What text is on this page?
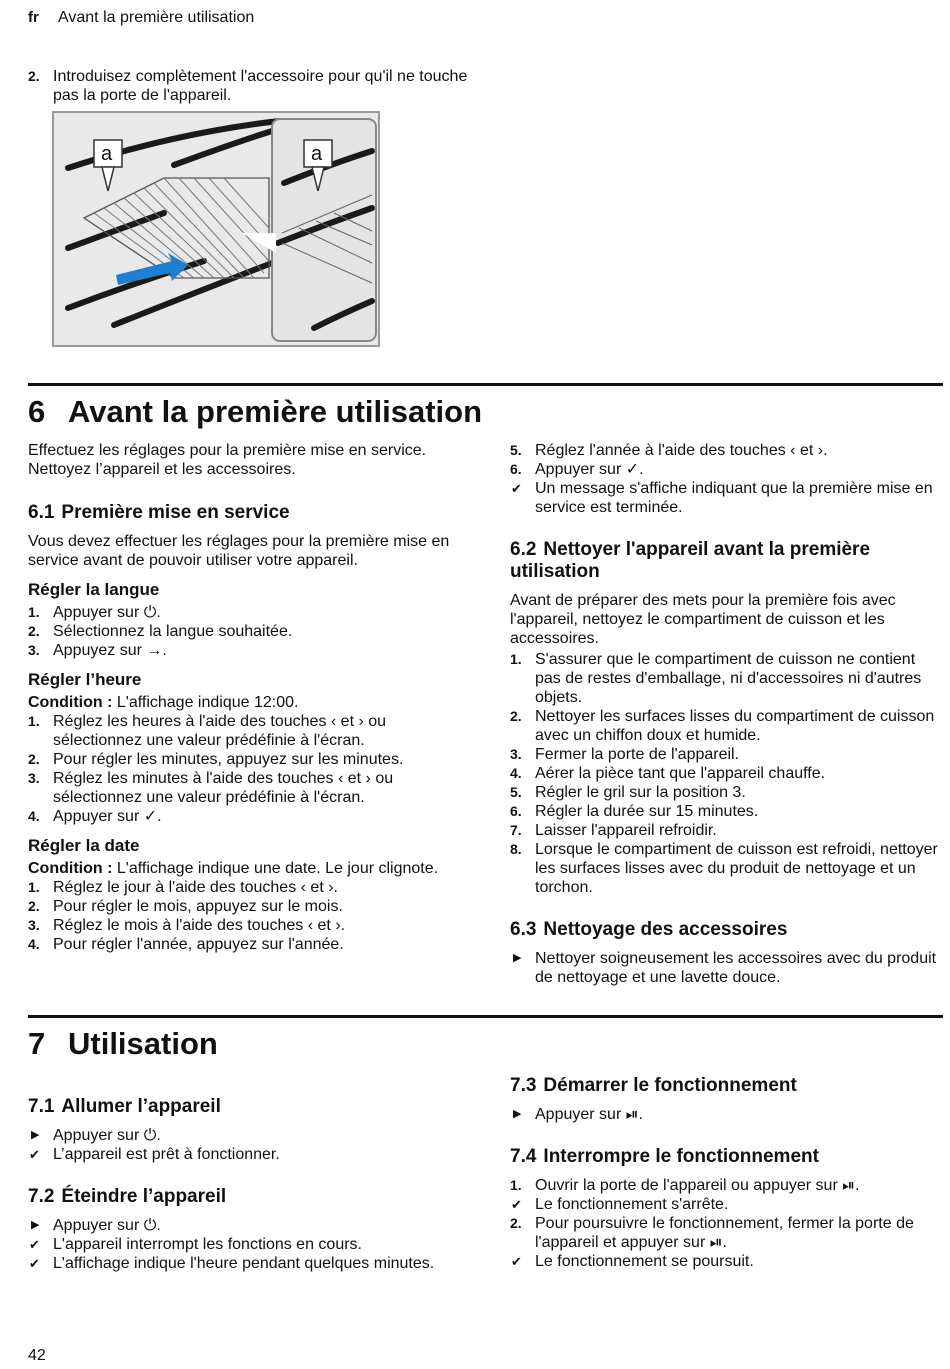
fr Avant la première utilisation
2. Introduisez complètement l'accessoire pour qu'il ne touche pas la porte de l'appareil.
a	a
6 Avant la première utilisation
Effectuez les réglages pour la première mise en service. Nettoyez l’appareil et les accessoires.
6.1 Première mise en service
Vous devez effectuer les réglages pour la première mise en service avant de pouvoir utiliser votre appareil.
Régler la langue
1. Appuyer sur ⏻.
2. Sélectionnez la langue souhaitée.
3. Appuyez sur →.
Régler l’heure
Condition : L'affichage indique 12:00.
1. Réglez les heures à l'aide des touches ‹ et › ou sélectionnez une valeur prédéfinie à l'écran.
2. Pour régler les minutes, appuyez sur les minutes.
3. Réglez les minutes à l'aide des touches ‹ et › ou sélectionnez une valeur prédéfinie à l'écran.
4. Appuyer sur ✓.
Régler la date
Condition : L'affichage indique une date. Le jour clignote.
1. Réglez le jour à l'aide des touches ‹ et ›.
2. Pour régler le mois, appuyez sur le mois.
3. Réglez le mois à l'aide des touches ‹ et ›.
4. Pour régler l'année, appuyez sur l'année.
5. Réglez l'année à l'aide des touches ‹ et ›.
6. Appuyer sur ✓.
✔ Un message s'affiche indiquant que la première mise en service est terminée.
6.2 Nettoyer l'appareil avant la première utilisation
Avant de préparer des mets pour la première fois avec l'appareil, nettoyez le compartiment de cuisson et les accessoires.
1. S'assurer que le compartiment de cuisson ne contient pas de restes d'emballage, ni d'accessoires ni d'autres objets.
2. Nettoyer les surfaces lisses du compartiment de cuisson avec un chiffon doux et humide.
3. Fermer la porte de l'appareil.
4. Aérer la pièce tant que l'appareil chauffe.
5. Régler le gril sur la position 3.
6. Régler la durée sur 15 minutes.
7. Laisser l'appareil refroidir.
8. Lorsque le compartiment de cuisson est refroidi, nettoyer les surfaces lisses avec du produit de nettoyage et un torchon.
6.3 Nettoyage des accessoires
▶ Nettoyer soigneusement les accessoires avec du produit de nettoyage et une lavette douce.
7 Utilisation
7.1 Allumer l’appareil
▶ Appuyer sur ⏻.
✔ L’appareil est prêt à fonctionner.
7.2 Éteindre l’appareil
▶ Appuyer sur ⏻.
✔ L'appareil interrompt les fonctions en cours.
✔ L'affichage indique l'heure pendant quelques minutes.
7.3 Démarrer le fonctionnement
▶ Appuyer sur ⏯.
7.4 Interrompre le fonctionnement
1. Ouvrir la porte de l'appareil ou appuyer sur ⏯.
✔ Le fonctionnement s'arrête.
2. Pour poursuivre le fonctionnement, fermer la porte de l'appareil et appuyer sur ⏯.
✔ Le fonctionnement se poursuit.
42
